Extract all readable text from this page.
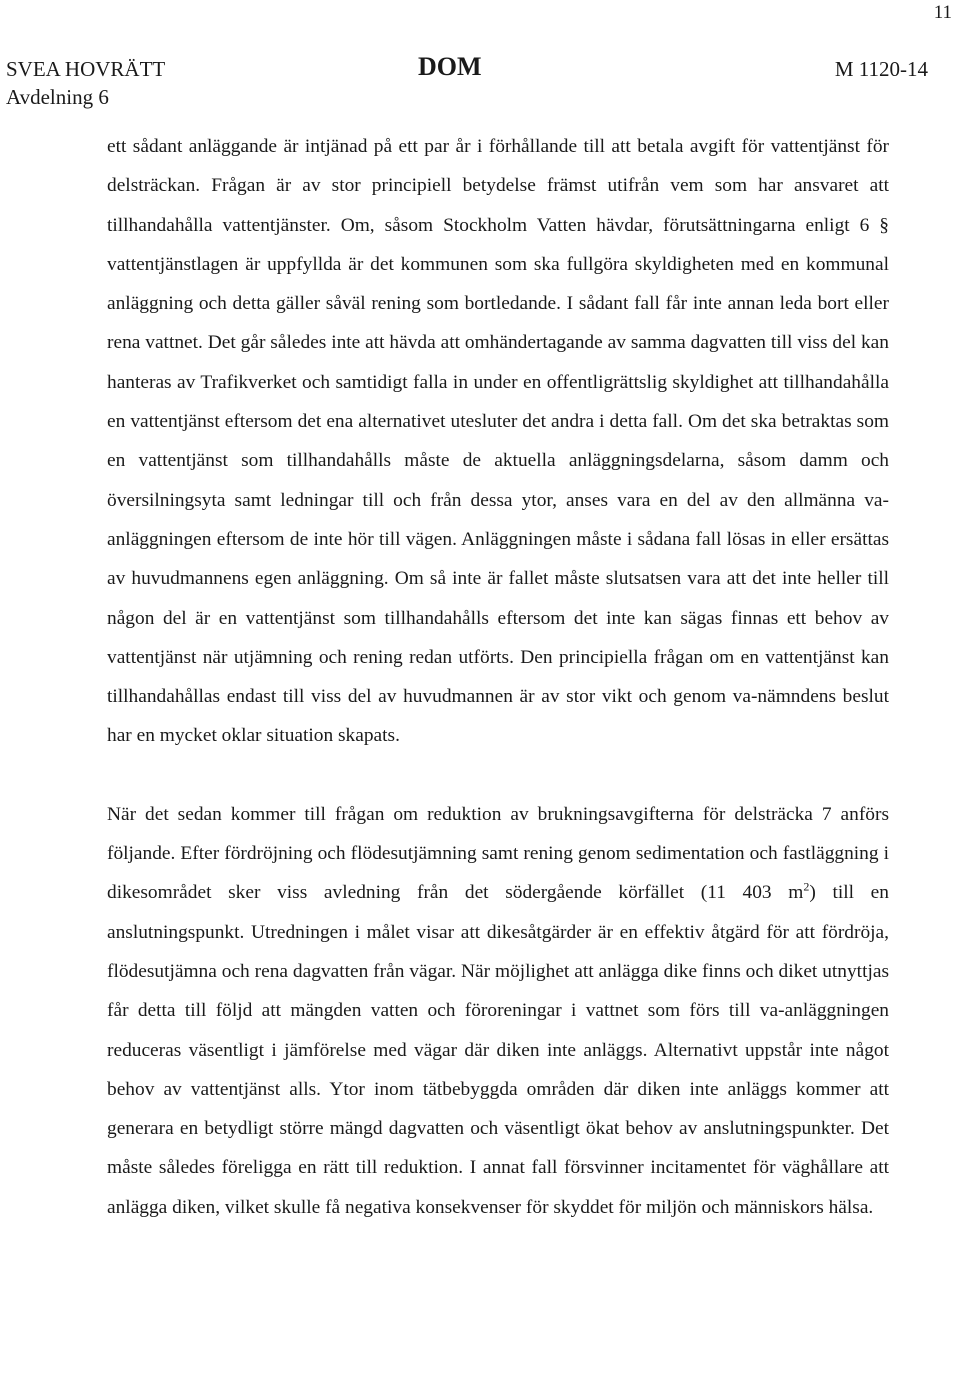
11
SVEA HOVRÄTT
Avdelning 6
DOM	M 1120-14

ett sådant anläggande är intjänad på ett par år i förhållande till att betala avgift för vattentjänst för delsträckan. Frågan är av stor principiell betydelse främst utifrån vem som har ansvaret att tillhandahålla vattentjänster. Om, såsom Stockholm Vatten hävdar, förutsättningarna enligt 6 § vattentjänstlagen är uppfyllda är det kommunen som ska fullgöra skyldigheten med en kommunal anläggning och detta gäller såväl rening som bortledande. I sådant fall får inte annan leda bort eller rena vattnet. Det går således inte att hävda att omhändertagande av samma dagvatten till viss del kan hanteras av Trafikverket och samtidigt falla in under en offentligrättslig skyldighet att tillhandahålla en vattentjänst eftersom det ena alternativet utesluter det andra i detta fall. Om det ska betraktas som en vattentjänst som tillhandahålls måste de aktuella anläggningsdelarna, såsom damm och översilningsyta samt ledningar till och från dessa ytor, anses vara en del av den allmänna va-anläggningen eftersom de inte hör till vägen. Anläggningen måste i sådana fall lösas in eller ersättas av huvudmannens egen anläggning. Om så inte är fallet måste slutsatsen vara att det inte heller till någon del är en vattentjänst som tillhandahålls eftersom det inte kan sägas finnas ett behov av vattentjänst när utjämning och rening redan utförts. Den principiella frågan om en vattentjänst kan tillhandahållas endast till viss del av huvudmannen är av stor vikt och genom va-nämndens beslut har en mycket oklar situation skapats.

När det sedan kommer till frågan om reduktion av brukningsavgifterna för delsträcka 7 anförs följande. Efter fördröjning och flödesutjämning samt rening genom sedimentation och fastläggning i dikesområdet sker viss avledning från det södergående körfället (11 403 $m^2$) till en anslutningspunkt. Utredningen i målet visar att dikesåtgärder är en effektiv åtgärd för att fördröja, flödesutjämna och rena dagvatten från vägar. När möjlighet att anlägga dike finns och diket utnyttjas får detta till följd att mängden vatten och föroreningar i vattnet som förs till va-anläggningen reduceras väsentligt i jämförelse med vägar där diken inte anläggs. Alternativt uppstår inte något behov av vattentjänst alls. Ytor inom tätbebyggda områden där diken inte anläggs kommer att generara en betydligt större mängd dagvatten och väsentligt ökat behov av anslutningspunkter. Det måste således föreligga en rätt till reduktion. I annat fall försvinner incitamentet för väghållare att anlägga diken, vilket skulle få negativa konsekvenser för skyddet för miljön och människors hälsa.
